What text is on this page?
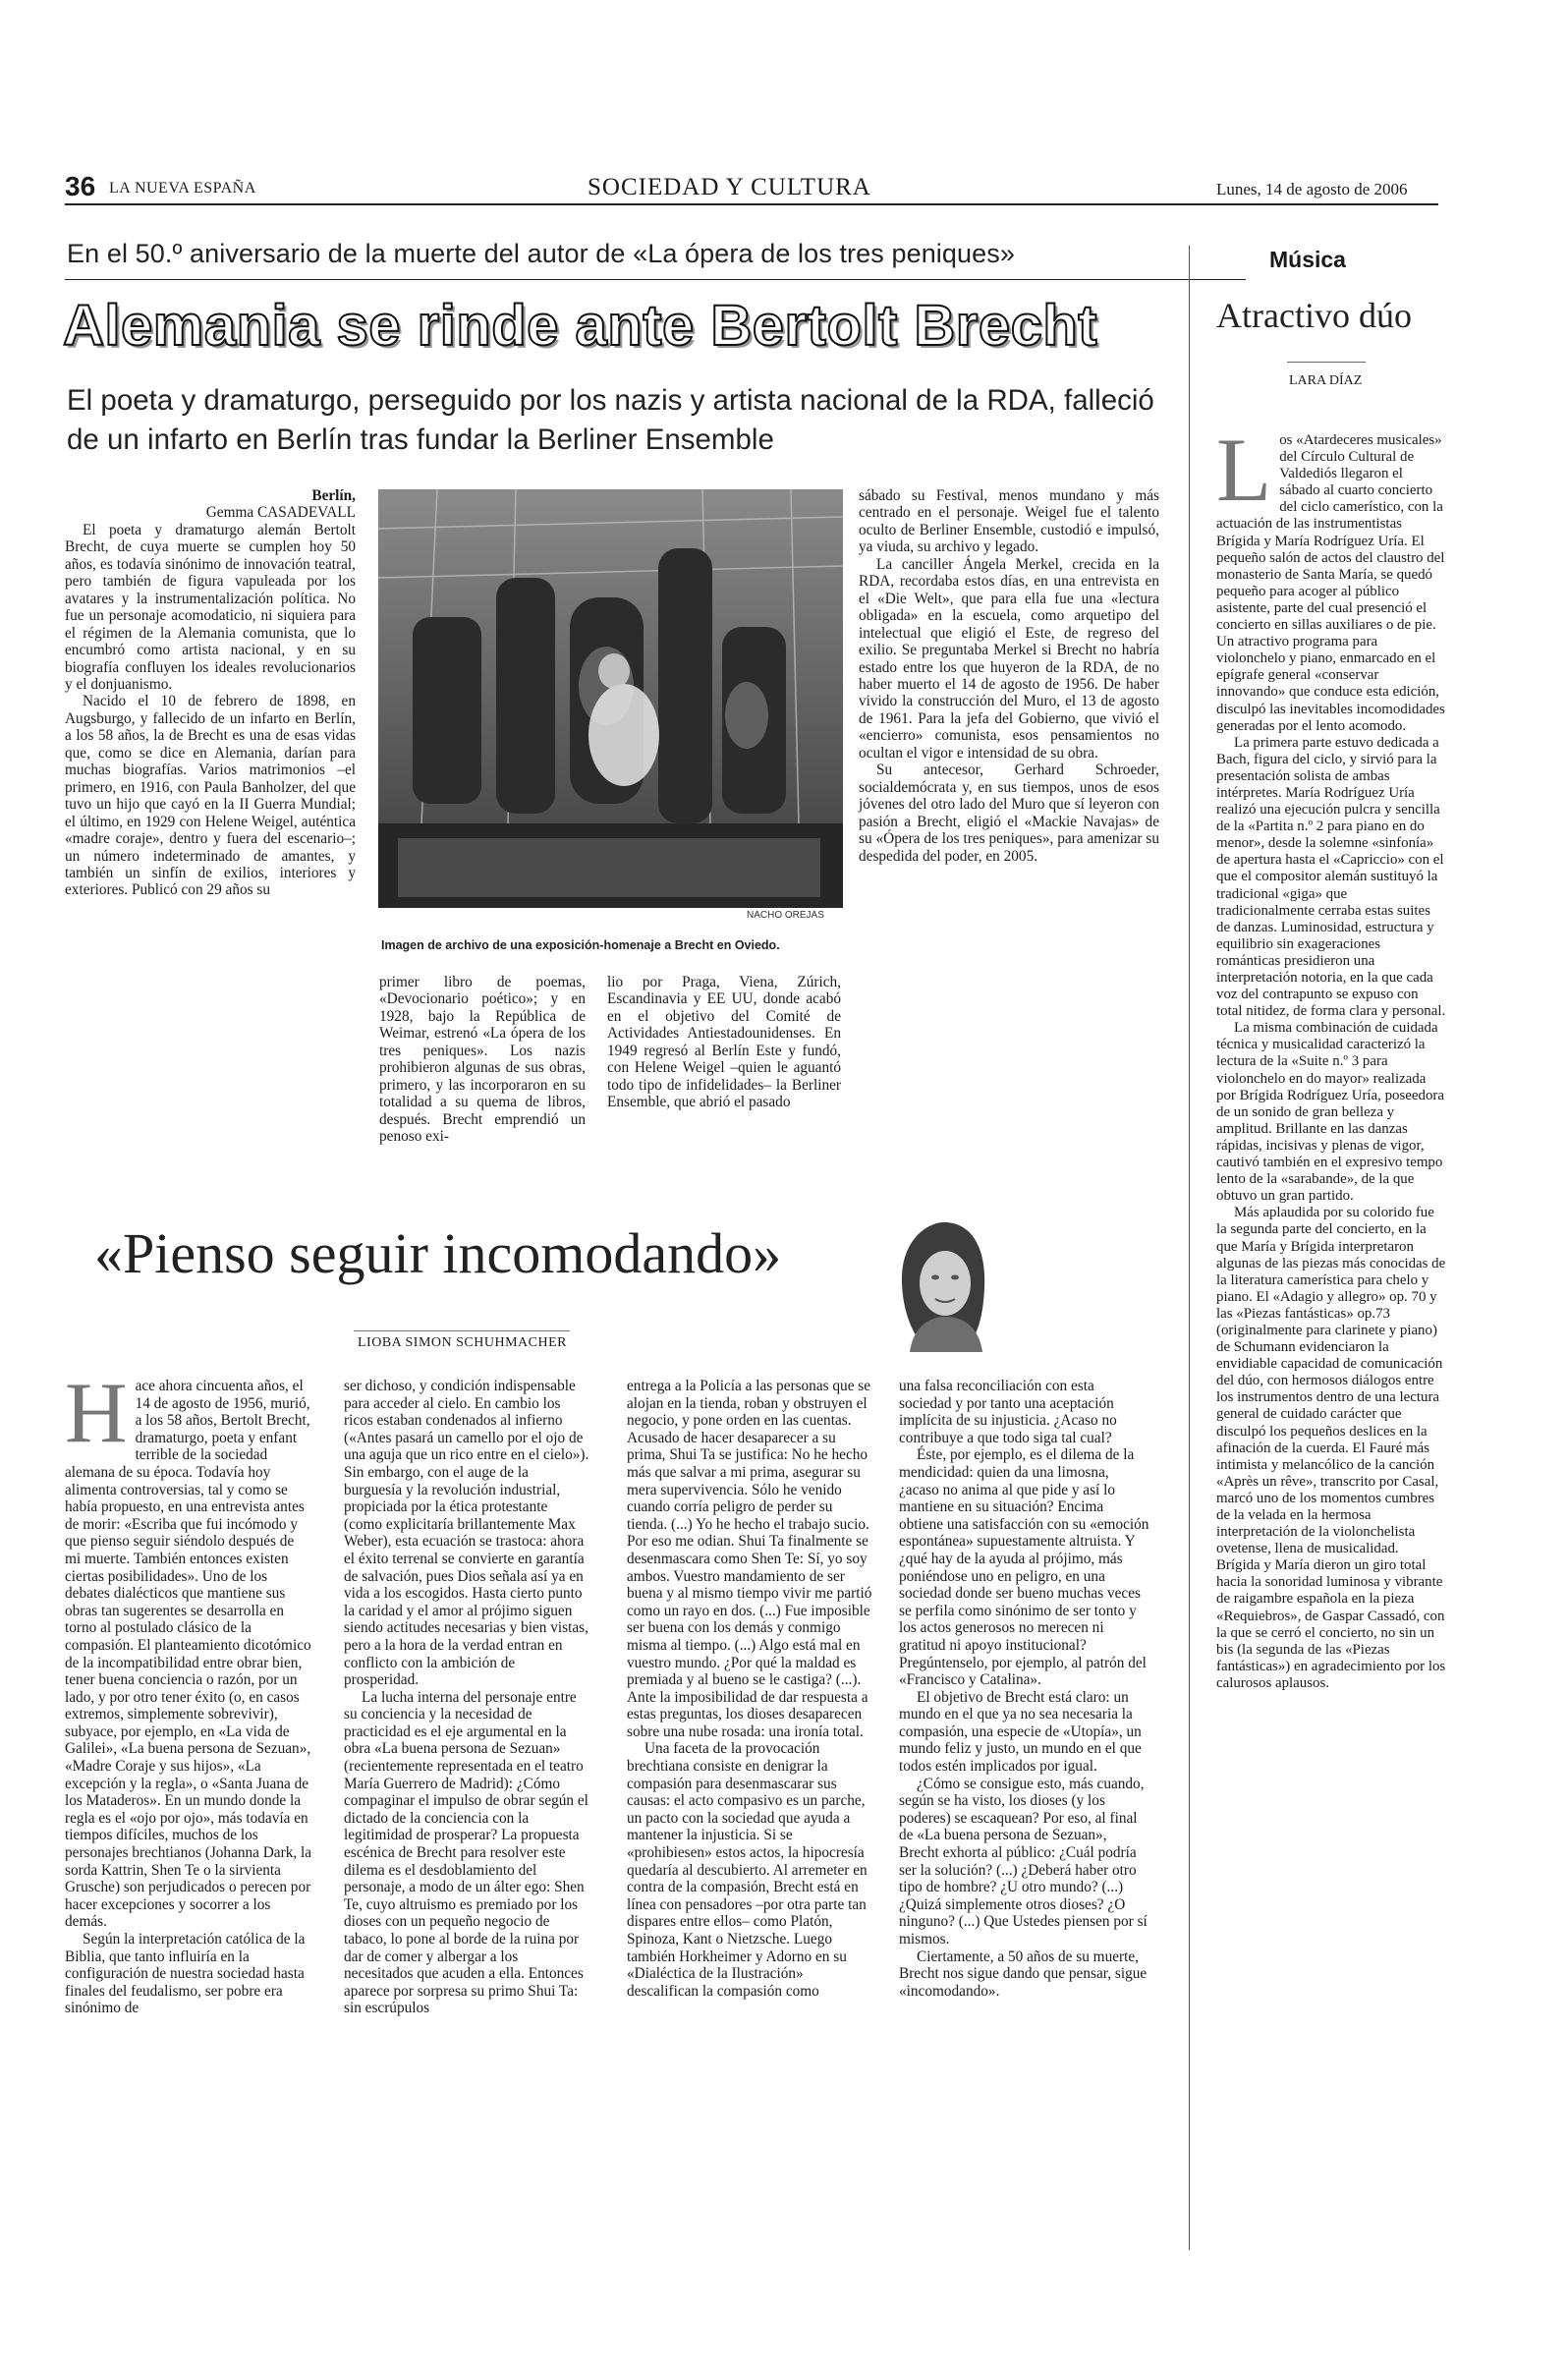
36 LA NUEVA ESPAÑA	SOCIEDAD Y CULTURA	Lunes, 14 de agosto de 2006
En el 50.º aniversario de la muerte del autor de «La ópera de los tres peniques»
Alemania se rinde ante Bertolt Brecht
El poeta y dramaturgo, perseguido por los nazis y artista nacional de la RDA, falleció de un infarto en Berlín tras fundar la Berliner Ensemble
Berlín,
Gemma CASADEVALL

El poeta y dramaturgo alemán Bertolt Brecht, de cuya muerte se cumplen hoy 50 años, es todavía sinónimo de innovación teatral, pero también de figura vapuleada por los avatares y la instrumentalización política. No fue un personaje acomodaticio, ni siquiera para el régimen de la Alemania comunista, que lo encumbró como artista nacional, y en su biografía confluyen los ideales revolucionarios y el donjuanismo.

Nacido el 10 de febrero de 1898, en Augsburgo, y fallecido de un infarto en Berlín, a los 58 años, la de Brecht es una de esas vidas que, como se dice en Alemania, darían para muchas biografías. Varios matrimonios –el primero, en 1916, con Paula Banholzer, del que tuvo un hijo que cayó en la II Guerra Mundial; el último, en 1929 con Helene Weigel, auténtica «madre coraje», dentro y fuera del escenario–; un número indeterminado de amantes, y también un sinfín de exilios, interiores y exteriores. Publicó con 29 años su

NACHO OREJAS
Imagen de archivo de una exposición-homenaje a Brecht en Oviedo.

primer libro de poemas, «Devocionario poético»; y en 1928, bajo la República de Weimar, estrenó «La ópera de los tres peniques». Los nazis prohibieron algunas de sus obras, primero, y las incorporaron en su totalidad a su quema de libros, después. Brecht emprendió un penoso exi-

lio por Praga, Viena, Zúrich, Escandinavia y EE UU, donde acabó en el objetivo del Comité de Actividades Antiestadounidenses. En 1949 regresó al Berlín Este y fundó, con Helene Weigel –quien le aguantó todo tipo de infidelidades– la Berliner Ensemble, que abrió el pasado

sábado su Festival, menos mundano y más centrado en el personaje. Weigel fue el talento oculto de Berliner Ensemble, custodió e impulsó, ya viuda, su archivo y legado.

La canciller Ángela Merkel, crecida en la RDA, recordaba estos días, en una entrevista en el «Die Welt», que para ella fue una «lectura obligada» en la escuela, como arquetipo del intelectual que eligió el Este, de regreso del exilio. Se preguntaba Merkel si Brecht no habría estado entre los que huyeron de la RDA, de no haber muerto el 14 de agosto de 1956. De haber vivido la construcción del Muro, el 13 de agosto de 1961. Para la jefa del Gobierno, que vivió el «encierro» comunista, esos pensamientos no ocultan el vigor e intensidad de su obra.

Su antecesor, Gerhard Schroeder, socialdemócrata y, en sus tiempos, unos de esos jóvenes del otro lado del Muro que sí leyeron con pasión a Brecht, eligió el «Mackie Navajas» de su «Ópera de los tres peniques», para amenizar su despedida del poder, en 2005.

«Pienso seguir incomodando»
LIOBA SIMON SCHUHMACHER

Hace ahora cincuenta años, el 14 de agosto de 1956, murió, a los 58 años, Bertolt Brecht, dramaturgo, poeta y enfant terrible de la sociedad alemana de su época. Todavía hoy alimenta controversias, tal y como se había propuesto, en una entrevista antes de morir: «Escriba que fui incómodo y que pienso seguir siéndolo después de mi muerte. También entonces existen ciertas posibilidades». Uno de los debates dialécticos que mantiene sus obras tan sugerentes se desarrolla en torno al postulado clásico de la compasión. El planteamiento dicotómico de la incompatibilidad entre obrar bien, tener buena conciencia o razón, por un lado, y por otro tener éxito (o, en casos extremos, simplemente sobrevivir), subyace, por ejemplo, en «La vida de Galilei», «La buena persona de Sezuan», «Madre Coraje y sus hijos», «La excepción y la regla», o «Santa Juana de los Mataderos». En un mundo donde la regla es el «ojo por ojo», más todavía en tiempos difíciles, muchos de los personajes brechtianos (Johanna Dark, la sorda Kattrin, Shen Te o la sirvienta Grusche) son perjudicados o perecen por hacer excepciones y socorrer a los demás.

Según la interpretación católica de la Biblia, que tanto influiría en la configuración de nuestra sociedad hasta finales del feudalismo, ser pobre era sinónimo de

ser dichoso, y condición indispensable para acceder al cielo. En cambio los ricos estaban condenados al infierno («Antes pasará un camello por el ojo de una aguja que un rico entre en el cielo»). Sin embargo, con el auge de la burguesía y la revolución industrial, propiciada por la ética protestante (como explicitaría brillantemente Max Weber), esta ecuación se trastoca: ahora el éxito terrenal se convierte en garantía de salvación, pues Dios señala así ya en vida a los escogidos. Hasta cierto punto la caridad y el amor al prójimo siguen siendo actitudes necesarias y bien vistas, pero a la hora de la verdad entran en conflicto con la ambición de prosperidad.

La lucha interna del personaje entre su conciencia y la necesidad de practicidad es el eje argumental en la obra «La buena persona de Sezuan» (recientemente representada en el teatro María Guerrero de Madrid): ¿Cómo compaginar el impulso de obrar según el dictado de la conciencia con la legitimidad de prosperar? La propuesta escénica de Brecht para resolver este dilema es el desdoblamiento del personaje, a modo de un álter ego: Shen Te, cuyo altruismo es premiado por los dioses con un pequeño negocio de tabaco, lo pone al borde de la ruina por dar de comer y albergar a los necesitados que acuden a ella. Entonces aparece por sorpresa su primo Shui Ta: sin escrúpulos

entrega a la Policía a las personas que se alojan en la tienda, roban y obstruyen el negocio, y pone orden en las cuentas. Acusado de hacer desaparecer a su prima, Shui Ta se justifica: No he hecho más que salvar a mi prima, asegurar su mera supervivencia. Sólo he venido cuando corría peligro de perder su tienda. (...) Yo he hecho el trabajo sucio. Por eso me odian. Shui Ta finalmente se desenmascara como Shen Te: Sí, yo soy ambos. Vuestro mandamiento de ser buena y al mismo tiempo vivir me partió como un rayo en dos. (...) Fue imposible ser buena con los demás y conmigo misma al tiempo. (...) Algo está mal en vuestro mundo. ¿Por qué la maldad es premiada y al bueno se le castiga? (...). Ante la imposibilidad de dar respuesta a estas preguntas, los dioses desaparecen sobre una nube rosada: una ironía total.

Una faceta de la provocación brechtiana consiste en denigrar la compasión para desenmascarar sus causas: el acto compasivo es un parche, un pacto con la sociedad que ayuda a mantener la injusticia. Si se «prohibiesen» estos actos, la hipocresía quedaría al descubierto. Al arremeter en contra de la compasión, Brecht está en línea con pensadores –por otra parte tan dispares entre ellos– como Platón, Spinoza, Kant o Nietzsche. Luego también Horkheimer y Adorno en su «Dialéctica de la Ilustración» descalifican la compasión como

una falsa reconciliación con esta sociedad y por tanto una aceptación implícita de su injusticia. ¿Acaso no contribuye a que todo siga tal cual?

Éste, por ejemplo, es el dilema de la mendicidad: quien da una limosna, ¿acaso no anima al que pide y así lo mantiene en su situación? Encima obtiene una satisfacción con su «emoción espontánea» supuestamente altruista. Y ¿qué hay de la ayuda al prójimo, más poniéndose uno en peligro, en una sociedad donde ser bueno muchas veces se perfila como sinónimo de ser tonto y los actos generosos no merecen ni gratitud ni apoyo institucional? Pregúntenselo, por ejemplo, al patrón del «Francisco y Catalina».

El objetivo de Brecht está claro: un mundo en el que ya no sea necesaria la compasión, una especie de «Utopía», un mundo feliz y justo, un mundo en el que todos estén implicados por igual.

¿Cómo se consigue esto, más cuando, según se ha visto, los dioses (y los poderes) se escaquean? Por eso, al final de «La buena persona de Sezuan», Brecht exhorta al público: ¿Cuál podría ser la solución? (...) ¿Deberá haber otro tipo de hombre? ¿U otro mundo? (...) ¿Quizá simplemente otros dioses? ¿O ninguno? (...) Que Ustedes piensen por sí mismos.

Ciertamente, a 50 años de su muerte, Brecht nos sigue dando que pensar, sigue «incomodando».

Música
Atractivo dúo
LARA DÍAZ

Los «Atardeceres musicales» del Círculo Cultural de Valdediós llegaron el sábado al cuarto concierto del ciclo camerístico, con la actuación de las instrumentistas Brígida y María Rodríguez Uría. El pequeño salón de actos del claustro del monasterio de Santa María, se quedó pequeño para acoger al público asistente, parte del cual presenció el concierto en sillas auxiliares o de pie. Un atractivo programa para violonchelo y piano, enmarcado en el epígrafe general «conservar innovando» que conduce esta edición, disculpó las inevitables incomodidades generadas por el lento acomodo.

La primera parte estuvo dedicada a Bach, figura del ciclo, y sirvió para la presentación solista de ambas intérpretes. María Rodríguez Uría realizó una ejecución pulcra y sencilla de la «Partita n.º 2 para piano en do menor», desde la solemne «sinfonía» de apertura hasta el «Capriccio» con el que el compositor alemán sustituyó la tradicional «giga» que tradicionalmente cerraba estas suites de danzas. Luminosidad, estructura y equilibrio sin exageraciones románticas presidieron una interpretación notoria, en la que cada voz del contrapunto se expuso con total nitidez, de forma clara y personal.

La misma combinación de cuidada técnica y musicalidad caracterizó la lectura de la «Suite n.º 3 para violonchelo en do mayor» realizada por Brígida Rodríguez Uría, poseedora de un sonido de gran belleza y amplitud. Brillante en las danzas rápidas, incisivas y plenas de vigor, cautivó también en el expresivo tempo lento de la «sarabande», de la que obtuvo un gran partido.

Más aplaudida por su colorido fue la segunda parte del concierto, en la que María y Brígida interpretaron algunas de las piezas más conocidas de la literatura camerística para chelo y piano. El «Adagio y allegro» op. 70 y las «Piezas fantásticas» op.73 (originalmente para clarinete y piano) de Schumann evidenciaron la envidiable capacidad de comunicación del dúo, con hermosos diálogos entre los instrumentos dentro de una lectura general de cuidado carácter que disculpó los pequeños deslices en la afinación de la cuerda. El Fauré más intimista y melancólico de la canción «Après un rêve», transcrito por Casal, marcó uno de los momentos cumbres de la velada en la hermosa interpretación de la violonchelista ovetense, llena de musicalidad. Brígida y María dieron un giro total hacia la sonoridad luminosa y vibrante de raigambre española en la pieza «Requiebros», de Gaspar Cassadó, con la que se cerró el concierto, no sin un bis (la segunda de las «Piezas fantásticas») en agradecimiento por los calurosos aplausos.
